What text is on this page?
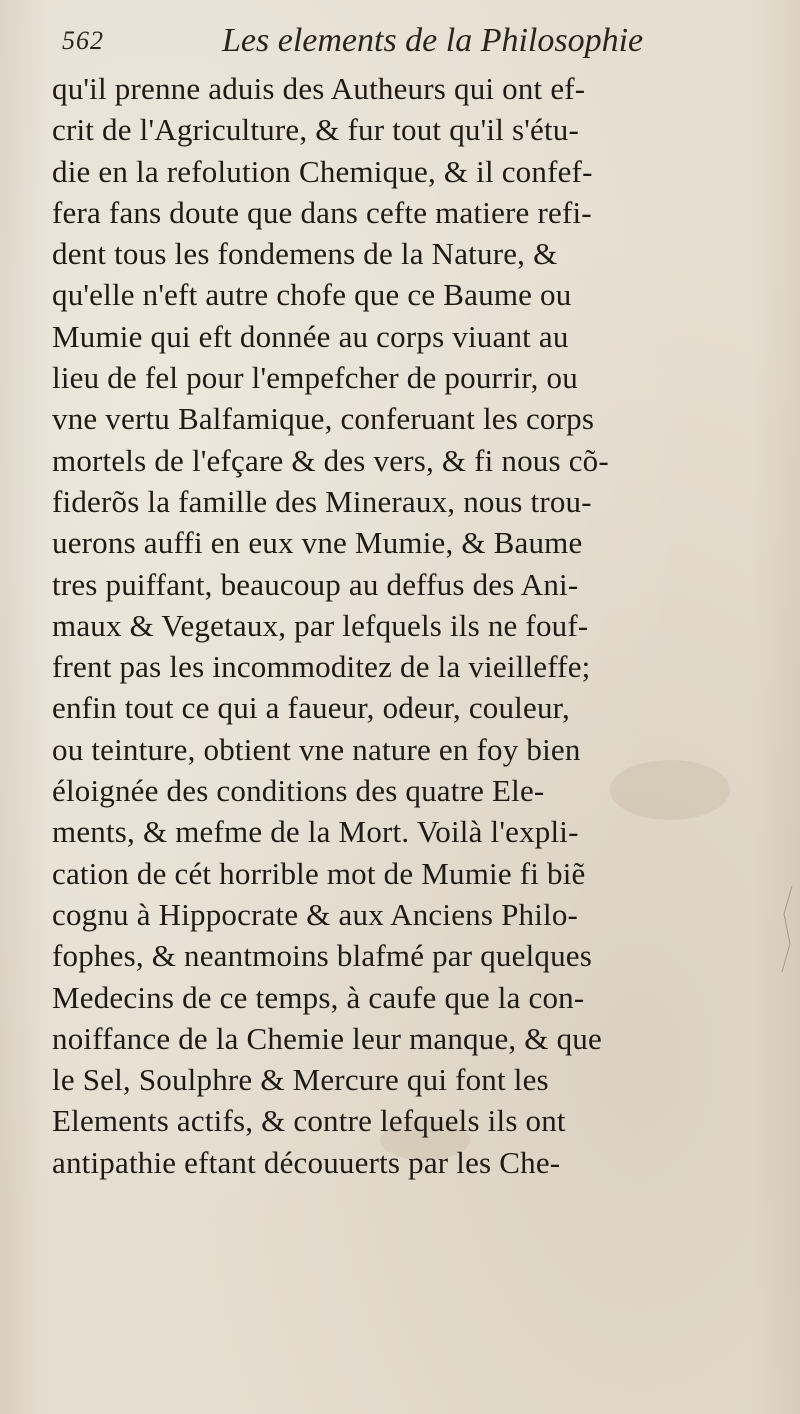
562	Les elements de la Philosophie
qu'il prenne aduis des Autheurs qui ont ef-
crit de l'Agriculture, & fur tout qu'il s'étu-
die en la refolution Chemique, & il confef-
fera fans doute que dans cefte matiere refi-
dent tous les fondemens de la Nature, &
qu'elle n'eft autre chofe que ce Baume ou
Mumie qui eft donnée au corps viuant au
lieu de fel pour l'empefcher de pourrir, ou
vne vertu Balfamique, conferuant les corps
mortels de l'efçare & des vers, & fi nous cõ-
fiderõs la famille des Mineraux, nous trou-
uerons auffi en eux vne Mumie, & Baume
tres puiffant, beaucoup au deffus des Ani-
maux & Vegetaux, par lefquels ils ne fouf-
frent pas les incommoditez de la vieilleffe;
enfin tout ce qui a faueur, odeur, couleur,
ou teinture, obtient vne nature en foy bien
éloignée des conditions des quatre Ele-
ments, & mefme de la Mort. Voilà l'expli-
cation de cét horrible mot de Mumie fi biẽ
cognu à Hippocrate & aux Anciens Philo-
fophes, & neantmoins blafmé par quelques
Medecins de ce temps, à caufe que la con-
noiffance de la Chemie leur manque, & que
le Sel, Soulphre & Mercure qui font les
Elements actifs, & contre lefquels ils ont
antipathie eftant découuerts par les Che-
